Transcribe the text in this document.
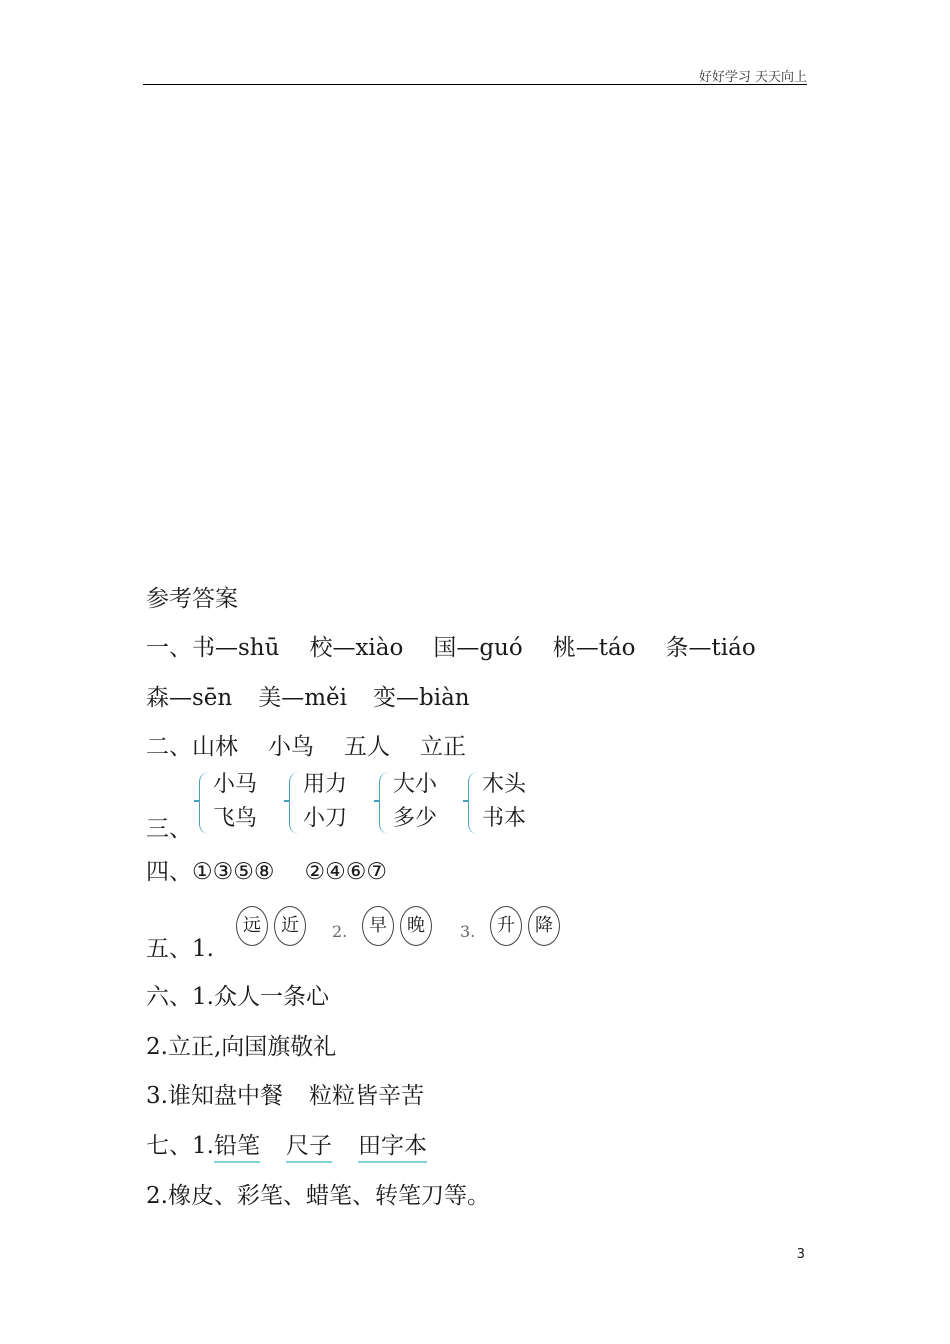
好好学习 天天向上
参考答案
一、书—shū 校—xiào 国—guó 桃—táo 条—tiáo
森—sēn 美—měi 变—biàn
二、山林 小鸟 五人 立正
三、
小马
飞鸟
用力
小刀
大小
多少
木头
书本
四、①③⑤⑧ ②④⑥⑦
五、1.
远	近	2.	早	晚	3.	升	降
六、1.众人一条心
2.立正,向国旗敬礼
3.谁知盘中餐 粒粒皆辛苦
七、1.铅笔 尺子 田字本
2.橡皮、彩笔、蜡笔、转笔刀等。
3
